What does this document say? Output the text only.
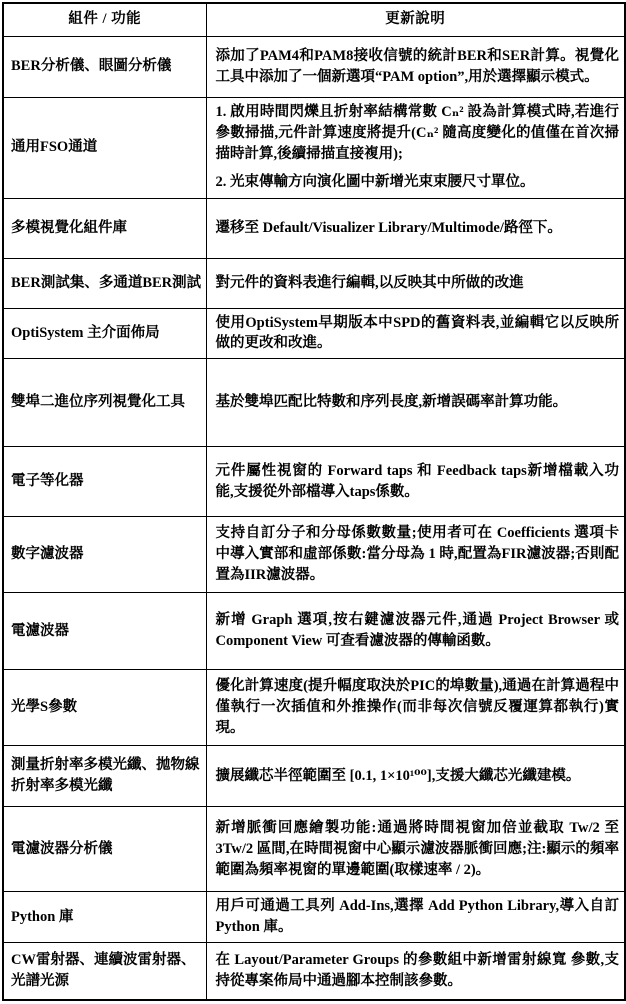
組件 / 功能	更新說明
BER分析儀、眼圖分析儀	添加了PAM4和PAM8接收信號的統計BER和SER計算。視覺化工具中添加了一個新選項“PAM option”,用於選擇顯示模式。

通用FSO通道	1. 啟用時間閃爍且折射率結構常數 Cₙ² 設為計算模式時,若進行參數掃描,元件計算速度將提升(Cₙ² 隨高度變化的值僅在首次掃描時計算,後續掃描直接複用);

2. 光束傳輸方向演化圖中新增光束束腰尺寸單位。

多模視覺化組件庫	遷移至 Default/Visualizer Library/Multimode/路徑下。

BER測試集、多通道BER測試	對元件的資料表進行編輯,以反映其中所做的改進

OptiSystem 主介面佈局	使用OptiSystem早期版本中SPD的舊資料表,並編輯它以反映所做的更改和改進。

雙埠二進位序列視覺化工具	基於雙埠匹配比特數和序列長度,新增誤碼率計算功能。

電子等化器	元件屬性視窗的 Forward taps 和 Feedback taps新增檔載入功能,支援從外部檔導入taps係數。

數字濾波器	支持自訂分子和分母係數數量;使用者可在 Coefficients 選項卡中導入實部和虛部係數:當分母為 1 時,配置為FIR濾波器;否則配置為IIR濾波器。

電濾波器	新增 Graph 選項,按右鍵濾波器元件,通過 Project Browser 或 Component View 可查看濾波器的傳輸函數。

光學S參數	優化計算速度(提升幅度取決於PIC的埠數量),通過在計算過程中僅執行一次插值和外推操作(而非每次信號反覆運算都執行)實現。

測量折射率多模光纖、拋物線折射率多模光纖	擴展纖芯半徑範圍至 [0.1, 1×10¹⁰⁰],支援大纖芯光纖建模。

電濾波器分析儀	新增脈衝回應繪製功能:通過將時間視窗加倍並截取 Tw/2 至 3Tw/2 區間,在時間視窗中心顯示濾波器脈衝回應;注:顯示的頻率範圍為頻率視窗的單邊範圍(取樣速率 / 2)。

Python 庫	用戶可通過工具列 Add-Ins,選擇 Add Python Library,導入自訂 Python 庫。

CW雷射器、連續波雷射器、光譜光源	在 Layout/Parameter Groups 的參數組中新增雷射線寬 參數,支持從專案佈局中通過腳本控制該參數。
